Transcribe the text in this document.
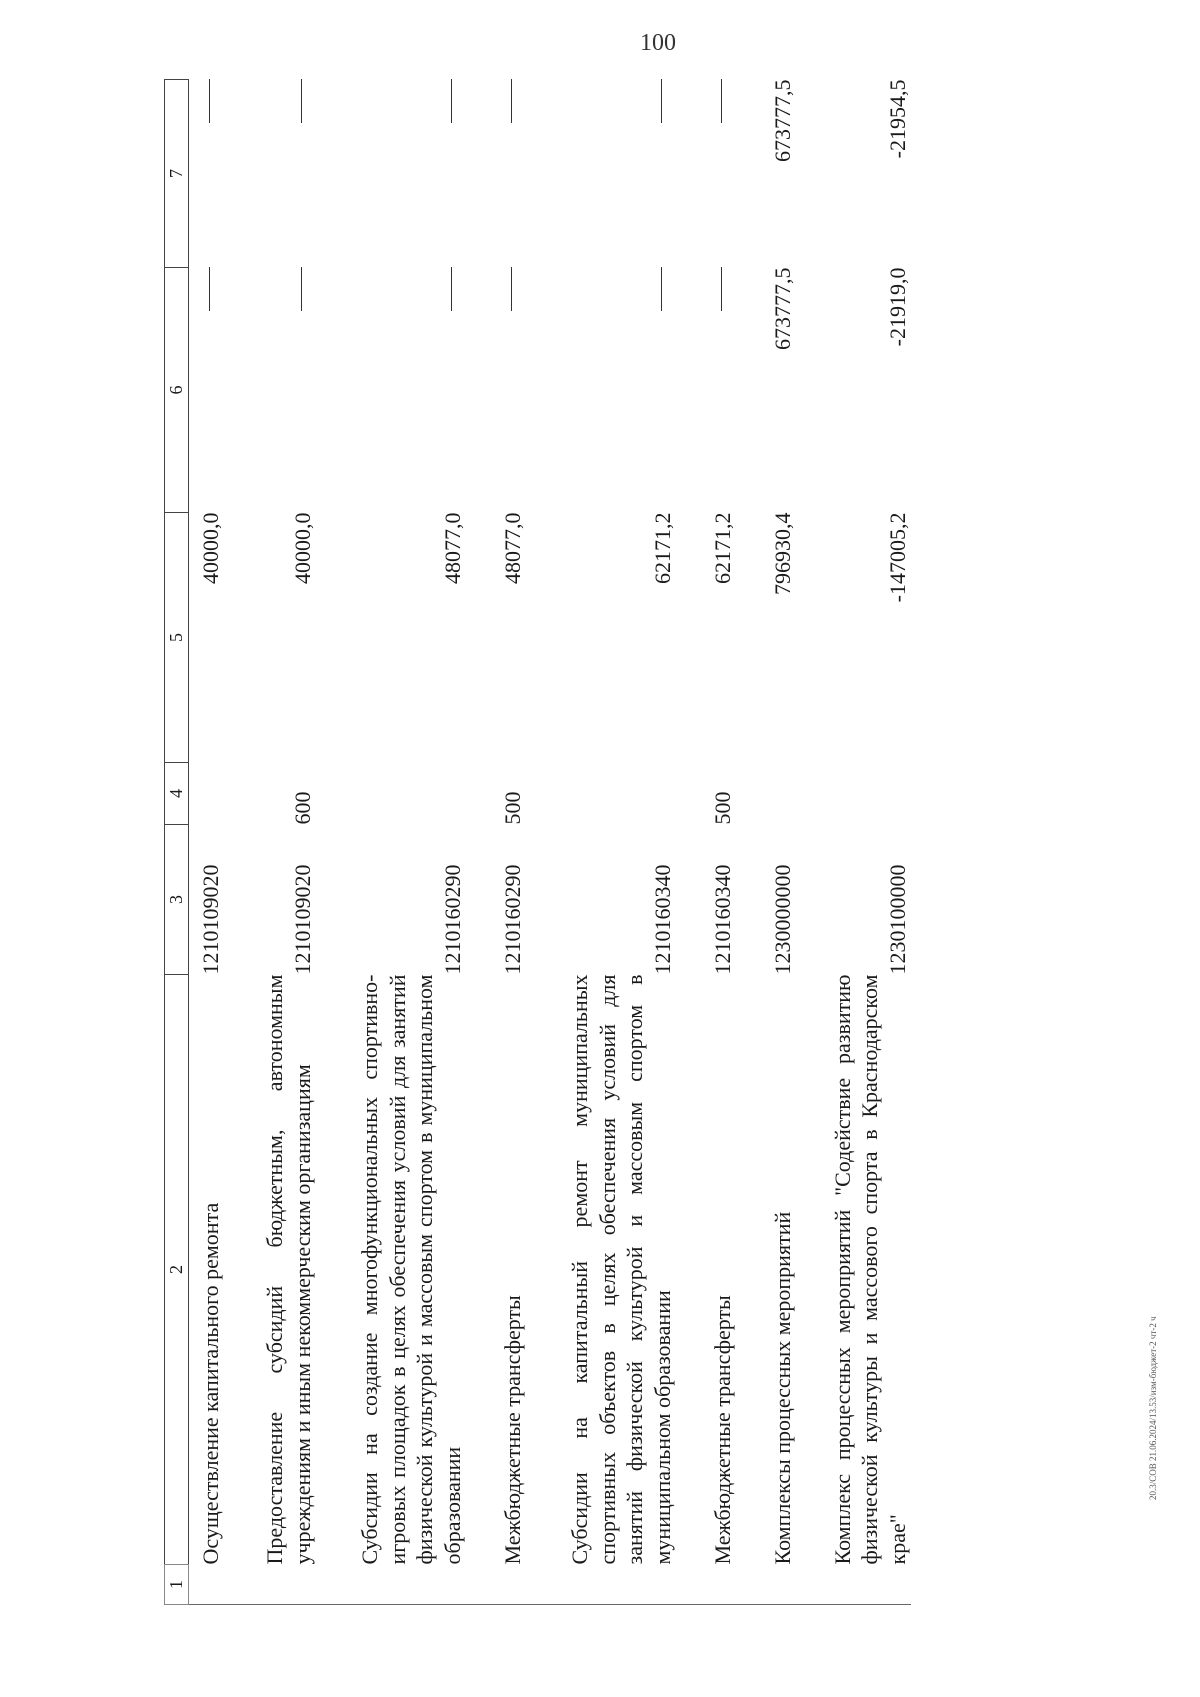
100
1	2	3	4	5	6	7
	Осуществление капитального ремонта	1210109020		40000,0		
	Предоставление субсидий бюджетным, автономным учреждениям и иным некоммерческим организациям	1210109020	600	40000,0		
	Субсидии на создание многофункциональных спортивно-игровых площадок в целях обеспечения условий для занятий физической культурой и массовым спортом в муниципальном образовании	1210160290		48077,0		
	Межбюджетные трансферты	1210160290	500	48077,0		
	Субсидии на капитальный ремонт муниципальных спортивных объектов в целях обеспечения условий для занятий физической культурой и массовым спортом в муниципальном образовании	1210160340		62171,2		
	Межбюджетные трансферты	1210160340	500	62171,2		
	Комплексы процессных мероприятий	1230000000		796930,4	673777,5	673777,5
	Комплекс процессных мероприятий "Содействие развитию физической культуры и массового спорта в Краснодарском крае"	1230100000		-147005,2	-21919,0	-21954,5
20.3/СОВ 21.06.2024/13.53/изм-бюджет-2 чт-2 ч
